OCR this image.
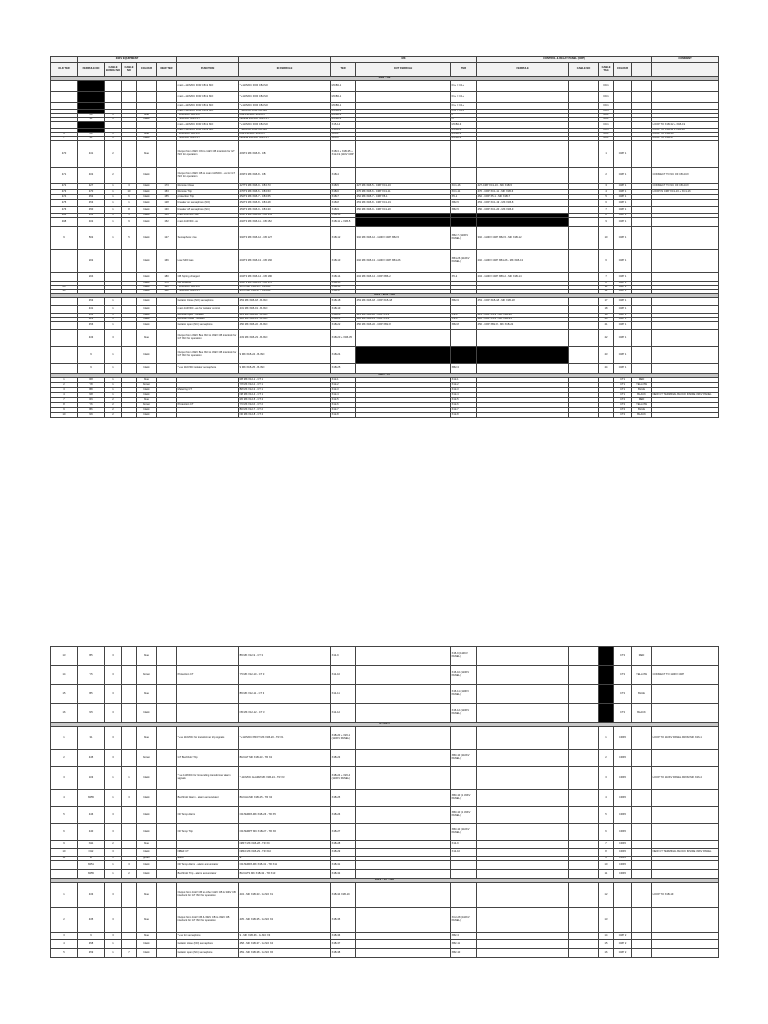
	33KV EQUIPMENT							MK			CONTROL & RELAY PANEL (CRP)					COMMENT
OLD TER	FERRULE NO	CABLE BUNCH NO	CABLE NO	COLOUR	NEW TER	FUNCTION	IN FERRULE	TER	OUT FERRULE	TER	FERRULE	CABLE NO	CABLE TAG	COLOUR		
33kv - CB																
						main ~110VDC FOR CB & ISO	^+110VDC FOR CB-ISO	MCB3-1		F1+ = C1+			DC1			
						main ~110VDC FOR CB & ISO	^+110VDC FOR CB-ISO	MCB3-1		F1+ = C1+			DC1			
						main ~110VDC FOR CB & ISO	^+110VDC FOR CB-ISO	MCB3-1		F1+ = C1+			DC1			
						main ~110VDC FOR CB & ISO	^-110VDC FOR CB-ISO	MCB3-2		F1+ = C1+			DC1			
	29	1		blue		^+230VAC SUPPLY	Live 230VAC SUPPLY	MCB5-1		L			AC1			
	91	1		black		^-230VAC SUPPLY	Neutral 230VAC SUPPLY	MCB5-2		N			AC1			
						main ~110VDC FOR CB & ISO	^+110VDC FOR CB-ISO	X15-14		MCB4-3			DC1			LOOP TO X1B-32 + X1B-19
						main ~110VDC FOR CB & ISO	^-110VDC FOR CB-ISO	X15-15		MCB4-4			DC1			LOOP TO X1B-11 + X1B-20
9	29	1		blue		^+230VAC SUPPLY	Live 230VAC SUPPLY	X25-1		MCB5-1			AC1			LOOP TO X1B-16
7	91	1		black		^-230VAC SUPPLY	Neutral 230VAC SUPPLY	X25-3		MCB5-2			AC1			LOOP TO X1B-17
470	431	2		blue		Output from 33kV ON to 11kV CB interlock for GT ISO for operation	403T2 MK X1B-8 - CB	X1B-3 + X1B-35 + X12-19 (110V CRP					1	CRP 1		
471	402	2		black		Output from 33kV CB to main 110VDC - ve for GT ISO for operation	403T2 MK X1B-8 - CB	X1B-4					2	CRP 1		CONNECT TO NC OF CB AUX
472	427	1	3	black	173	Remote Close	427T3 MK X1B-9 - CB 173	X1B-5	427 MK X1B-5 - CRP XC1-16	XC1-16	427-CRP XC1-16 - MK X1B-5		3	CRP 1		CONNECT TO NC OF CB AUX
473	470	1	10	black	153	Remote Trip	470T3 MK X1B-6 - CB 153	X1B-6	470 MK X1B-6 - CRP XC1-11	XC1-11	470 - CRP XC1-11 - MK X1B-6		4	CRP 1		LOOP IN CRP XC1-16 + XC1-16
474	452	1	6	black	155	protection Trip	452T3 MK X1B-7 - CB 155	X1B-7	452 MK X1B-7 - CRP X5-1	X5-1	452 - CRP X5-1 - MK X1B-7		5	CRP 1		
475	453	1	1	black	128	breaker on semaphore (NO)	452T3 MK X1B-8 - CB 128	X1B-8	453 MK X1B-8 - CRP XC1-19	XB2-5	453 - CRP XC1-19 - MK X1B-8		6	CRP 1		
476	450	1	8	black	130	breaker off semaphore (NC)	453T3 MK X1B-9 - CB 130	X1B-9	450 MK X1B-9 - CRP XC1-20	XB2-5	450 - CRP XC1-20 - MK X1B-9		7	CRP 1		
496	431	1	5	black	151	main 110VDC +ve	431T3 MK X1B-10 - CB 151	X1B-10					8	CRP 1		
498	402	1	9	black	152	main 110VDC -ve	402T3 MK X1B-11 - CB 152	X1B-11 + X1B-5					9	CRP 1		
9	502	1	5	black	127	Semaphore: rise	302T3 MK X1B-12 - CB 127	X1B-12	302 MK X1B-12 - 110KV CRP XB2-5	XB2-7 (110KV PANEL)	302 - 110KV CRP XB2-5 - MK X1B-12		10	CRP 1		
	202			black	166	Low SF6 Gas	204T3 MK X1B-13 - CB 166	X1B-13	202 MK X1B-13 - 110KV CRP XB4-26	XB4-26 (110KV PANEL)	202 - 110KV CRP XB4-26 - MK X1B-13		6	CRP 1		
	204			black	180	CB Spring charged	204T3 MK X1B-14 - CB 180	X1B-14	204 MK X1B-14 - CRP XB6-2	X5-2	204 - 110KV CRP XB6-2 - MK X1B-14		7	CRP 1		
				black	170	CB Lockout	204T3 MK X1B-15 - CB 170	X1B-15					8	CRP 1		
26				black	181	^+230VAC SUPPLY	29T3 MK X1B-16 - CB 181	X1B-16					11	CRP 1		
94				black	182	^-230VAC SUPPLY	94T3 MK X1B-17 - CB 182	X1B-17					12	CRP 1		
33KV - BUS - ISO																
	453	1		black		Isolator Close (NO) semaphore	453 MK X1B-18 - B-ISO	X1B-18	453 MK X1B-18 - CRP X1B-18	XB2-9	453 - CRP X1B-18 - MK X1B-18		17	CRP 1		
	431	1		black		main 110VDC +ve for isolator control	431 MK X1B-19 - B-ISO	X1B-19					18	CRP 1		
	431	1		black		Remote open : Isolator	421 MK X1B-20 - B-ISO	X1B-20	421 MK X1B-20 - CRP XS-3	XS-3	421 - CRP XS-3 - MK X1B-20		19	CRP 1		
	422	1		black		Remote Close : Isolator	422 MK X1B-21 - B-ISO	X1B-21	422 MK X1B-21 - CRP XS-4	XS-4	422 - CRP XS-4 - MK X1B-21		20	CRP 1		
	456	1		black		Isolator open (NC) semaphore	456 MK X1B-22 - B-ISO	X1B-22	456 MK X1B-22 - CRP XB2-8	XB2-8	456 - CRP XB2-8 - MK X1B-22		21	CRP 1		
	433	3		blue		Output from 33kV Bus ISO to 33kV CB interlock for GT ISO for operation	433 MK X1B-23 - B-ISO	X1B-23 + X1B-35					22	CRP 1		
	9	1		black		Output from 33kV Bus ISO to 33kV CB interlock for GT ISO for operation	9 MK X1B-24 - B-ISO	X1B-24					23	CRP 1		
	9	1		black		^+ve 110VDC isolator semaphore	9 MK X1B-25 - B-ISO	X1B-25		XB2-3			24	CRP 1		
33KV - CT																
1	R8	1		blue			R8 MK X12-1 - CT 1	X12-1		X12-1				CT1	RED	
2	Y8	1		brown			Y8 MK X12-2 - CT 1	X12-2		X12-2				CT1	YELLOW	
3	B8	1		black		Metering CT	B8 MK X12-3 - CT 1	X12-3		X12-3				CT1	BLUE	
4	N8	1		black			N8 MK X12-4 - CT 1	X12-4		X12-4				CT1	BLACK	NEW CT TERMINAL BLOCK INSIDE 33KV PANEL
7	R6	2		blue			R6 MK X12-5 - CT 2	X12-5		X12-5				CT2	RED	
8	Y6	2		brown		Protection CT	Y6 MK X12-6 - CT 2	X12-6		X12-6				CT2	YELLOW	
9	B6	2		black			B6 MK X12-7 - CT 2	X12-7		X12-7				CT2	BLUE	
10	N6	2		black			N6 MK X12-8 - CT 2	X12-8		X12-8				CT2	BLACK	
13	B5	3		blue			B5 MK X12-9 - CT 3	X12-9		X15-9 (110KV PANEL)				CT3	RED	
14	Y5	3		brown		Protection CT	Y5 MK X12-10 - CT 3	X12-10		X15-10 (110KV PANEL)				CT3	YELLOW	CONNECT TO 110KV CRP
15	B5	3		blue			B5 MK X12-11 - CT 3	X12-11		X15-11 (110KV PANEL)				CT3	BLUE	
16	N5	3		black			N5 MK X12-12 - CT 3	X12-12		X15-12 (110KV PANEL)				CT3	BLACK	
GT MK 1																
1	31	3		blue		^+ve 110VDC for transformer trip signals	^+110VDC PROT MK X1B-20 - TR X1	X1B-20 + X26-1 (110KV PANEL)					1	CRP2		LOOP TO 110KV PANEL FROM MK X26-1
2	445	3		brown		GT Buchholz Trip	BUCHT MK X1B-23 - TR X2	X1B-23		XB3-10 (110KV PANEL)			2	CRP2		
3	103	1	1	black		^-ve 110VDC for Grounding transformer alarm signals	^-110VDC ALARM MK X1B-24 - TR X3	X1B-24 + X26-4 (110KV PANEL)					3	CRP2		LOOP TO 110KV PANEL FROM MK X26-4
4	8455	1	3	black		Buchholz Alarm - alarm annunciator	BUCHA MK X1B-25 - TR X4	X1B-25		XB3-10 (1 33KV PANEL)			4	CRP2		
5	446	3		black		Oil Temp Alarm	OILTEMPA MK X1B-26 - TR X5	X1B-26		XB3-10 (1 33KV PANEL)			5	CRP2		
6	440	3		black		Oil Temp Trip	OILTEMPT MK X1B-27 - TR X6	X1B-27		XB3-10 (110KV PANEL)			6	CRP2		
9	N11	2		blue			N8F7 MK X1B-28 - TR X9	X1B-28		X12-9			7	CRP2		
10	N12	3		black		NBEF CT	N8F2 MK X1B-29 - TR X10	X1B-29		X12-10			8	CRP2		NEW CT TERMINAL BLOCK INSIDE 33KV PANEL
11	E	1		green		Earth	E						9	CRP2		
	8451	1	3	black		Oil Temp Alarm - alarm annunciator	OILTEMPA MK X1B-31 - TR X11	X1B-31					10	CRP2		
	8455	1	2	black		Buchholz Trip - alarm annunciator	BUCHTS MK X1B-32 - TR X13	X1B-32					11	CRP2		
33KV - GT - ISO																
1	433	3		blue		Output from 11kV CB to other 11kV CB & 33kV CB interlock for GT ISO for operation	434 - MK X1B-33 - G-ISO X1	X1B-34 X1B-19					12			LOOP TO X1B-19
2	435	3		blue		Output from 11kV CB & 33kV CB to 33kV CB interlock for GT ISO for operation	435 - MK X1B-35 - G-ISO X2	X1B-35		XC2-28 (110KV PANEL)			13			
3	9	3		blue		^+ve for semaphore	9 - MK X1B-36 - G-ISO X3	X1B-36		XB2-3			14	CRP 2		
4	458	1		black		Isolator close (NO) semaphore	458 - MK X1B-37 - G-ISO X4	X1B-37		XB2-11			15	CRP 2		
5	459	1	7	black		Isolator open (NC) semaphore	459 - MK X1B-38 - G-ISO X6	X1B-38		XB2-10			16	CRP 2		
